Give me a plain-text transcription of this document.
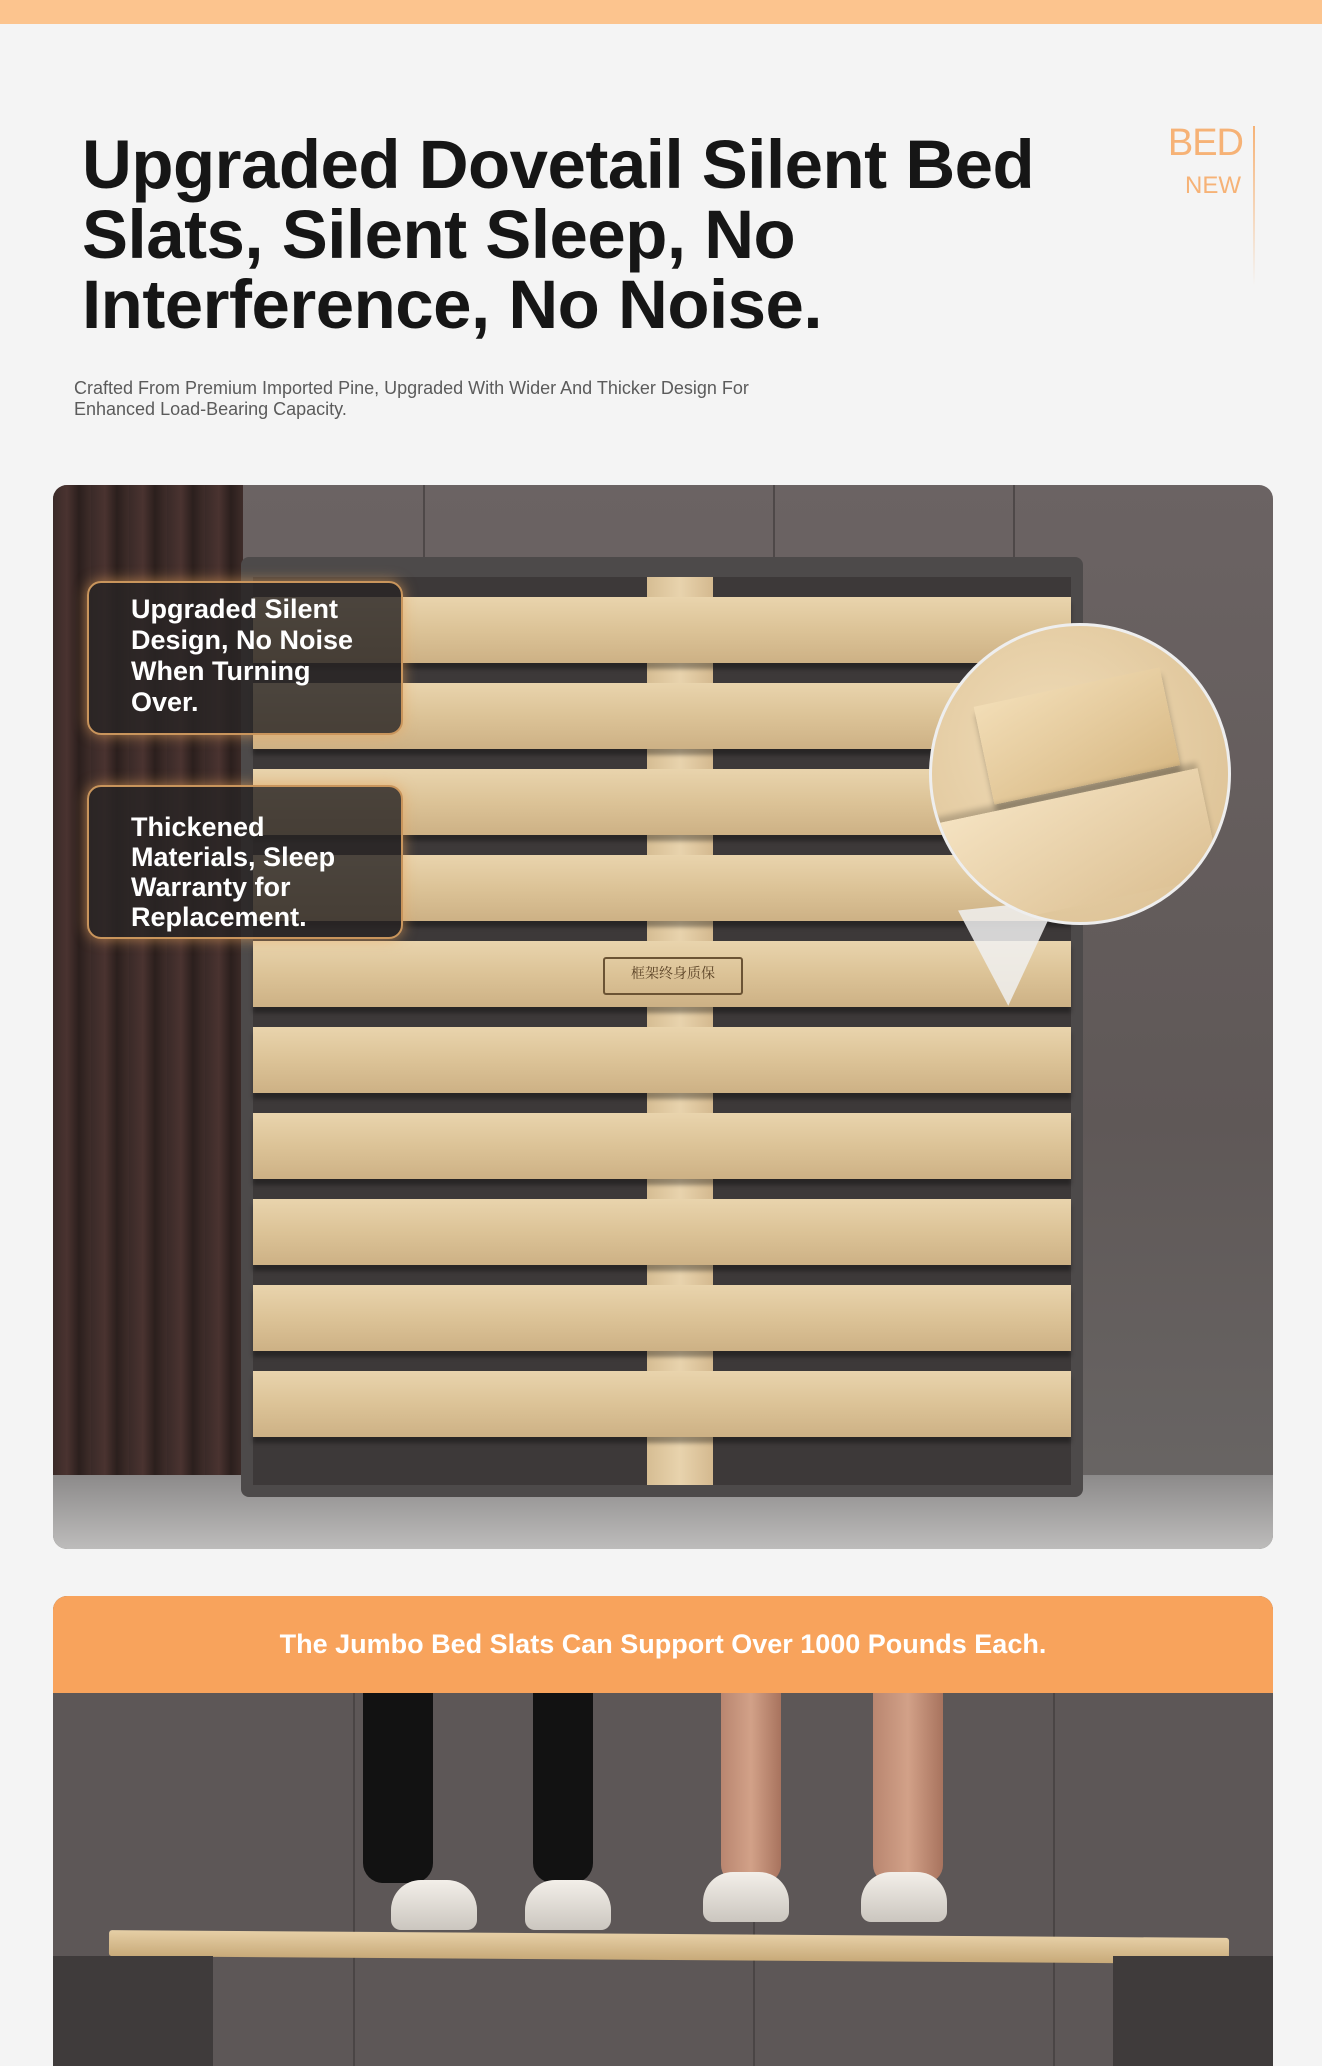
Upgraded Dovetail Silent Bed Slats, Silent Sleep, No Interference, No Noise.

Crafted From Premium Imported Pine, Upgraded With Wider And Thicker Design For Enhanced Load-Bearing Capacity.

BED
NEW
框架终身质保
Upgraded Silent Design, No Noise When Turning Over.
Thickened Materials, Sleep Warranty for Replacement.
The Jumbo Bed Slats Can Support Over 1000 Pounds Each.
